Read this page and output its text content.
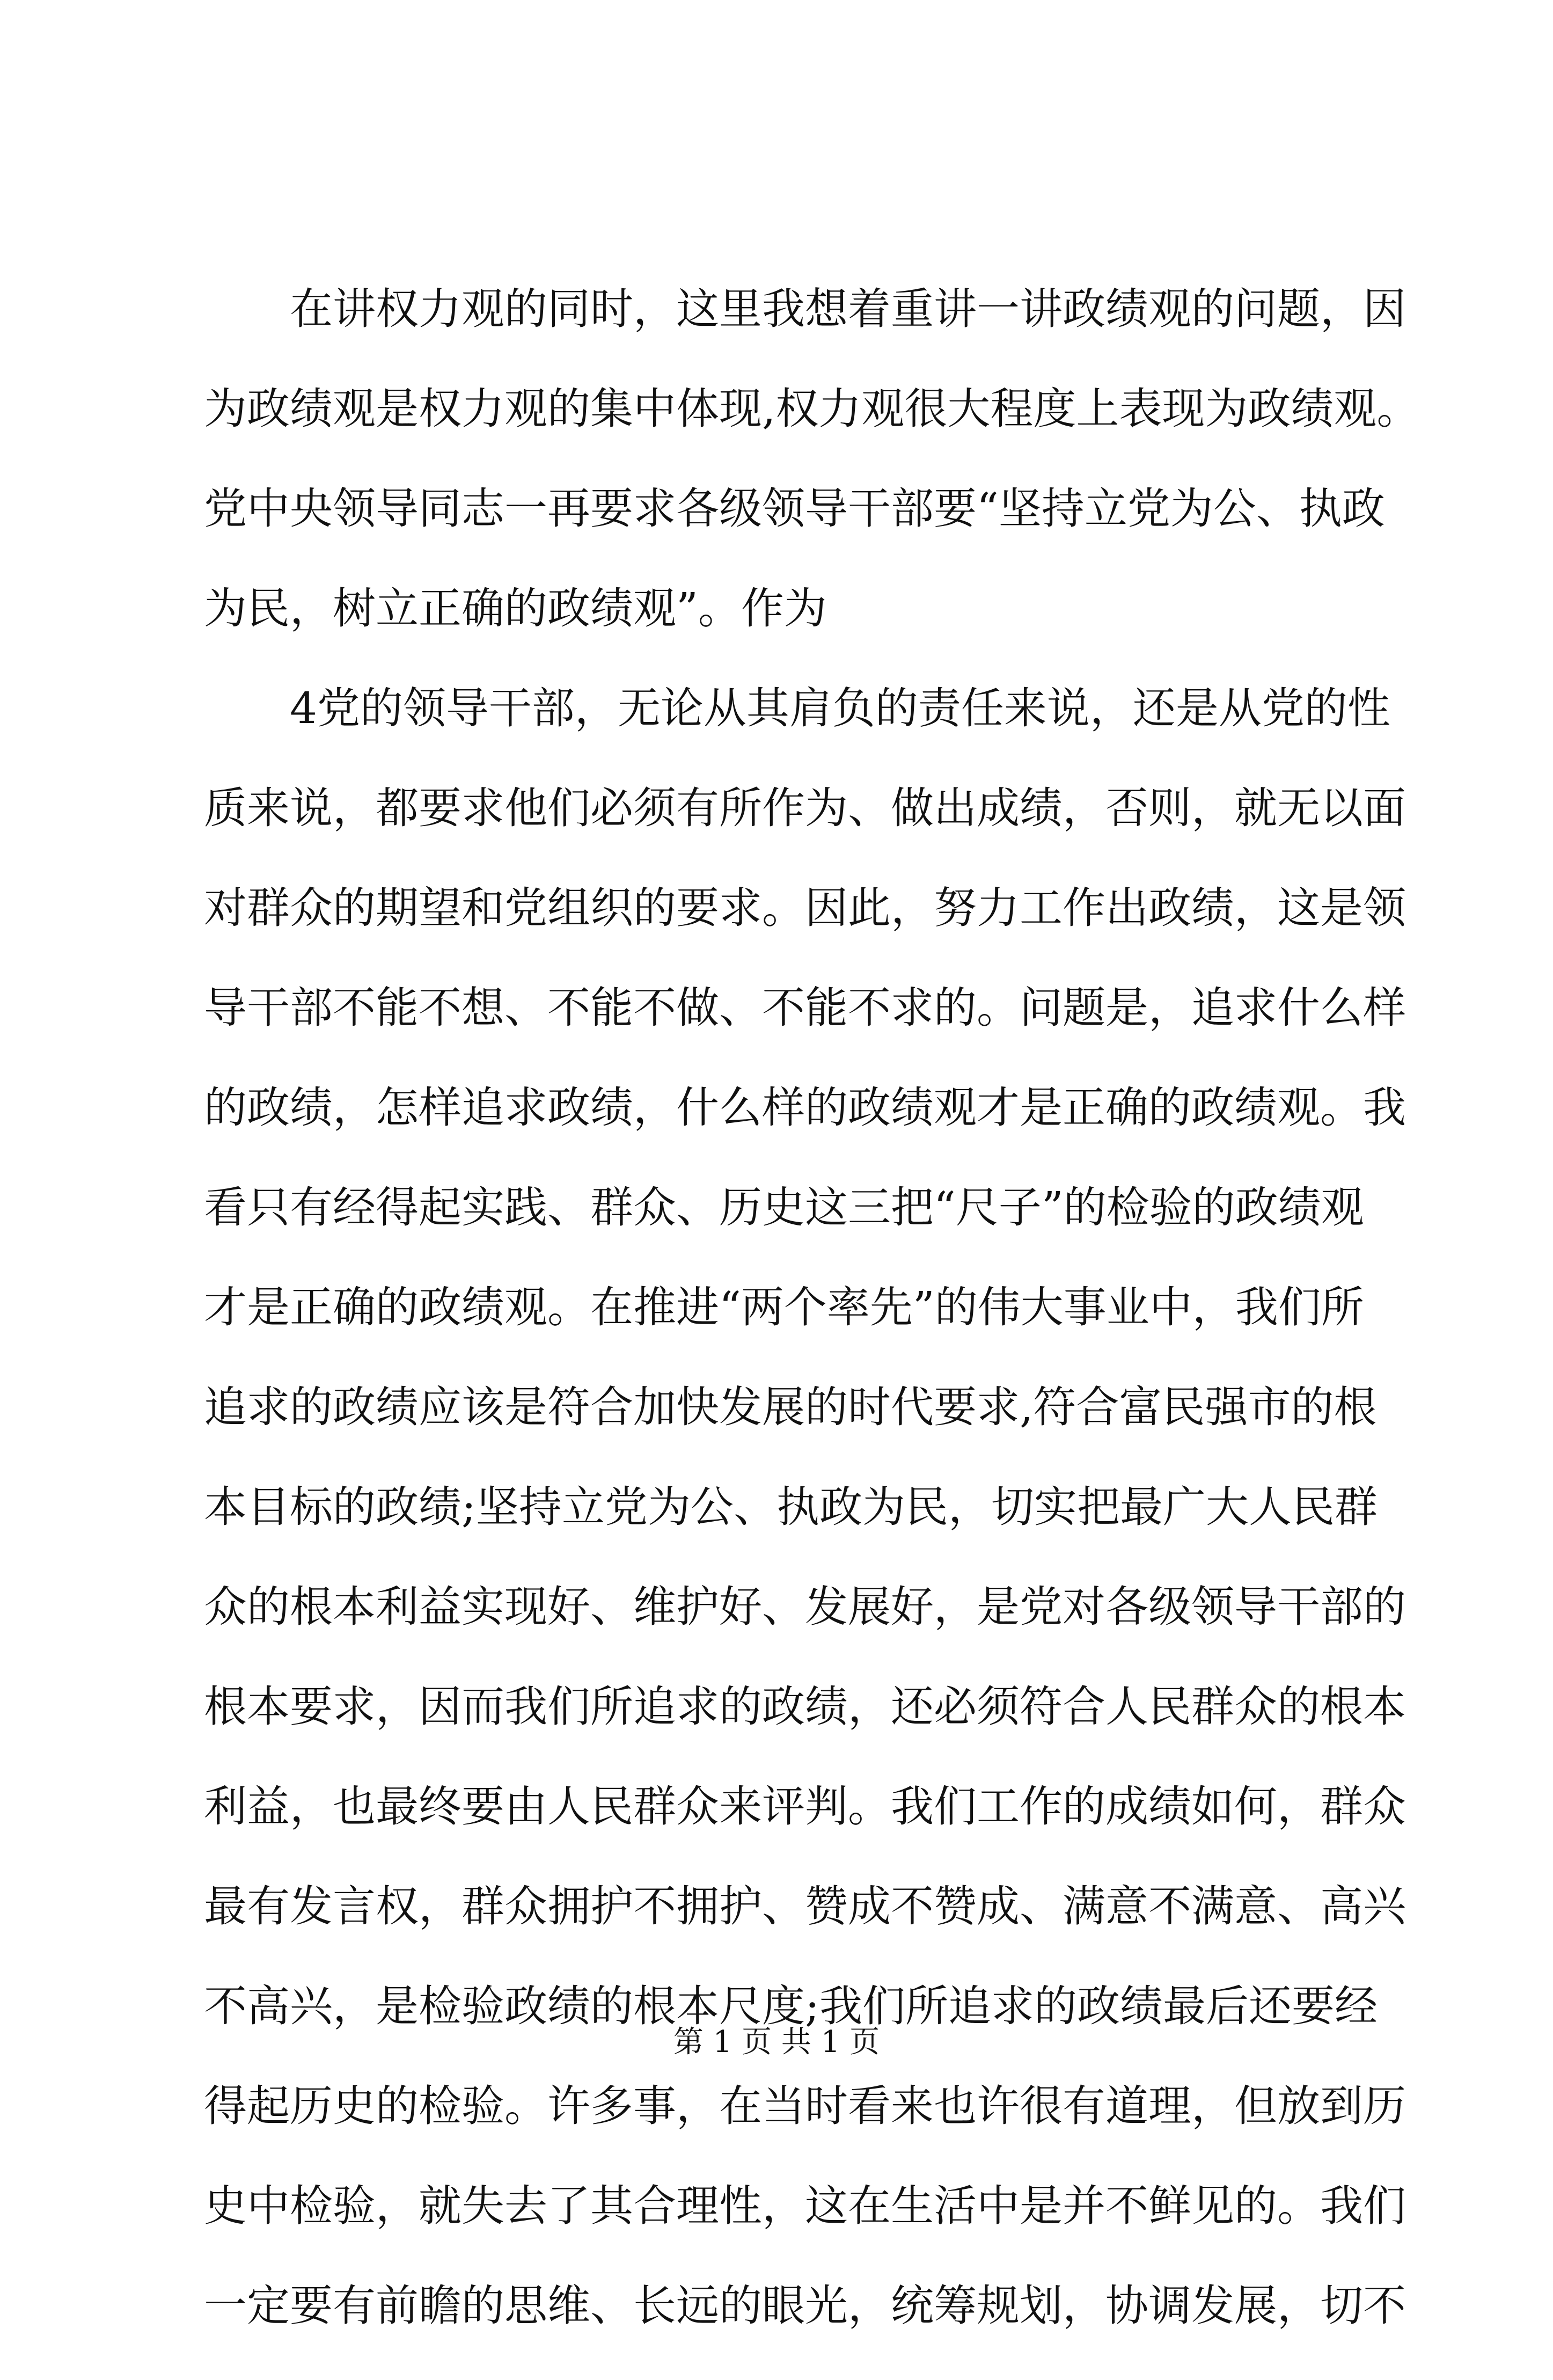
　　在讲权力观的同时，这里我想着重讲一讲政绩观的问题，因
为政绩观是权力观的集中体现,权力观很大程度上表现为政绩观。
党中央领导同志一再要求各级领导干部要“坚持立党为公、执政
为民，树立正确的政绩观”。作为
　　4党的领导干部，无论从其肩负的责任来说，还是从党的性
质来说，都要求他们必须有所作为、做出成绩，否则，就无以面
对群众的期望和党组织的要求。因此，努力工作出政绩，这是领
导干部不能不想、不能不做、不能不求的。问题是，追求什么样
的政绩，怎样追求政绩，什么样的政绩观才是正确的政绩观。我
看只有经得起实践、群众、历史这三把“尺子”的检验的政绩观
才是正确的政绩观。在推进“两个率先”的伟大事业中，我们所
追求的政绩应该是符合加快发展的时代要求,符合富民强市的根
本目标的政绩;坚持立党为公、执政为民，切实把最广大人民群
众的根本利益实现好、维护好、发展好，是党对各级领导干部的
根本要求，因而我们所追求的政绩，还必须符合人民群众的根本
利益，也最终要由人民群众来评判。我们工作的成绩如何，群众
最有发言权，群众拥护不拥护、赞成不赞成、满意不满意、高兴
不高兴，是检验政绩的根本尺度;我们所追求的政绩最后还要经
得起历史的检验。许多事，在当时看来也许很有道理，但放到历
史中检验，就失去了其合理性，这在生活中是并不鲜见的。我们
一定要有前瞻的思维、长远的眼光，统筹规划，协调发展，切不
第 1 页 共 1 页
